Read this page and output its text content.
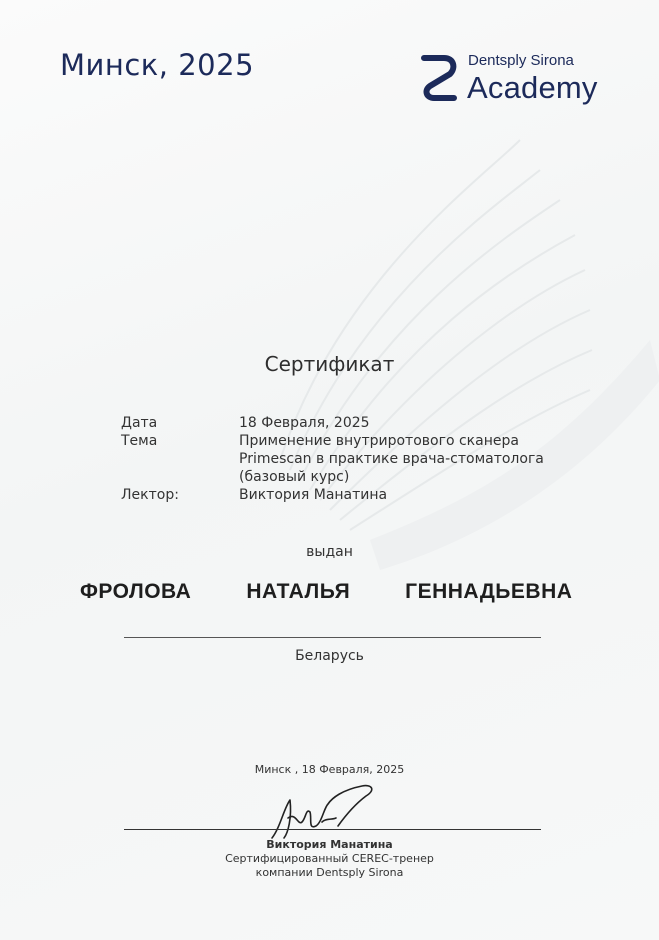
Минск, 2025	Dentsply Sirona
Academy
Сертификат
Дата	18 Февраля, 2025
Тема	Применение внутриротового сканера
Primescan в практике врача-стоматолога
(базовый курс)
Лектор:	Виктория Манатина
выдан
ФРОЛОВА   НАТАЛЬЯ   ГЕННАДЬЕВНА
Беларусь
Минск , 18 Февраля, 2025
Виктория Манатина
Сертифицированный CEREC-тренер
компании Dentsply Sirona
